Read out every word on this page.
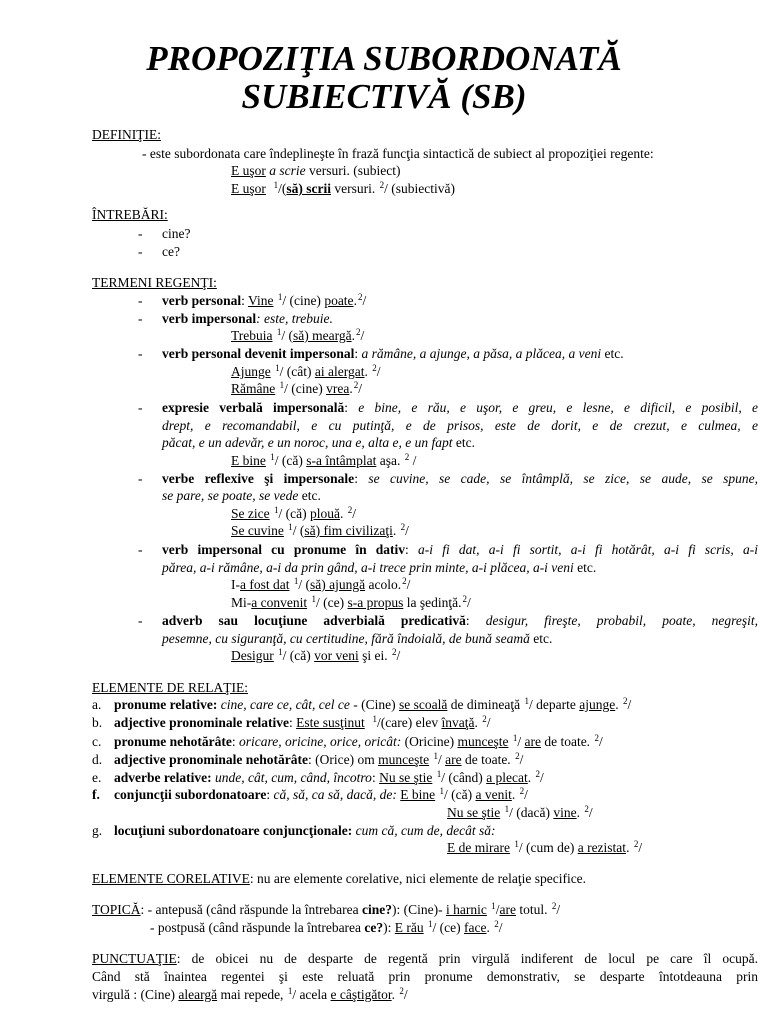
PROPOZIŢIA SUBORDONATĂ
SUBIECTIVĂ (SB)
DEFINIŢIE:
- este subordonata care îndeplineşte în frază funcţia sintactică de subiect al propoziţiei regente:
E uşor a scrie versuri. (subiect)
E uşor $^1$/(să) scrii versuri. $^2$/ (subiectivă)
ÎNTREBĂRI:
- cine?
- ce?
TERMENI REGENŢI:
- verb personal: Vine $^1$/ (cine) poate.$^2$/
- verb impersonal: este, trebuie.
Trebuia $^1$/ (să) meargă.$^2$/
- verb personal devenit impersonal: a rămâne, a ajunge, a păsa, a plăcea, a veni etc.
Ajunge $^1$/ (cât) ai alergat. $^2$/
Rămâne $^1$/ (cine) vrea.$^2$/
- expresie verbală impersonală: e bine, e rău, e uşor, e greu, e lesne, e dificil, e posibil, e
drept, e recomandabil, e cu putinţă, e de prisos, este de dorit, e de crezut, e culmea, e
păcat, e un adevăr, e un noroc, una e, alta e, e un fapt etc.
E bine $^1$/ (că) s-a întâmplat aşa. $^2$ /
- verbe reflexive şi impersonale: se cuvine, se cade, se întâmplă, se zice, se aude, se spune,
se pare, se poate, se vede etc.
Se zice $^1$/ (că) plouă. $^2$/
Se cuvine $^1$/ (să) fim civilizaţi. $^2$/
- verb impersonal cu pronume în dativ: a-i fi dat, a-i fi sortit, a-i fi hotărât, a-i fi scris, a-i
părea, a-i rămâne, a-i da prin gând, a-i trece prin minte, a-i plăcea, a-i veni etc.
I-a fost dat $^1$/ (să) ajungă acolo.$^2$/
Mi-a convenit $^1$/ (ce) s-a propus la şedinţă.$^2$/
- adverb sau locuţiune adverbială predicativă: desigur, fireşte, probabil, poate, negreşit,
pesemne, cu siguranţă, cu certitudine, fără îndoială, de bună seamă etc.
Desigur $^1$/ (că) vor veni şi ei. $^2$/
ELEMENTE DE RELAŢIE:
a. pronume relative: cine, care ce, cât, cel ce - (Cine) se scoală de dimineaţă $^1$/ departe ajunge. $^2$/
b. adjective pronominale relative: Este susţinut $^1$/(care) elev învaţă. $^2$/
c. pronume nehotărâte: oricare, oricine, orice, oricât: (Oricine) munceşte $^1$/ are de toate. $^2$/
d. adjective pronominale nehotărâte: (Orice) om munceşte $^1$/ are de toate. $^2$/
e. adverbe relative: unde, cât, cum, când, încotro: Nu se ştie $^1$/ (când) a plecat. $^2$/
f. conjuncţii subordonatoare: că, să, ca să, dacă, de: E bine $^1$/ (că) a venit. $^2$/
Nu se ştie $^1$/ (dacă) vine. $^2$/
g. locuţiuni subordonatoare conjuncţionale: cum că, cum de, decât să:
E de mirare $^1$/ (cum de) a rezistat. $^2$/
ELEMENTE CORELATIVE: nu are elemente corelative, nici elemente de relaţie specifice.
TOPICĂ: - antepusă (când răspunde la întrebarea cine?): (Cine)- i harnic $^1$/are totul. $^2$/
- postpusă (când răspunde la întrebarea ce?): E rău $^1$/ (ce) face. $^2$/
PUNCTUAŢIE: de obicei nu de desparte de regentă prin virgulă indiferent de locul pe care îl ocupă.
Când stă înaintea regentei şi este reluată prin pronume demonstrativ, se desparte întotdeauna prin
virgulă : (Cine) aleargă mai repede, $^1$/ acela e câştigător. $^2$/
